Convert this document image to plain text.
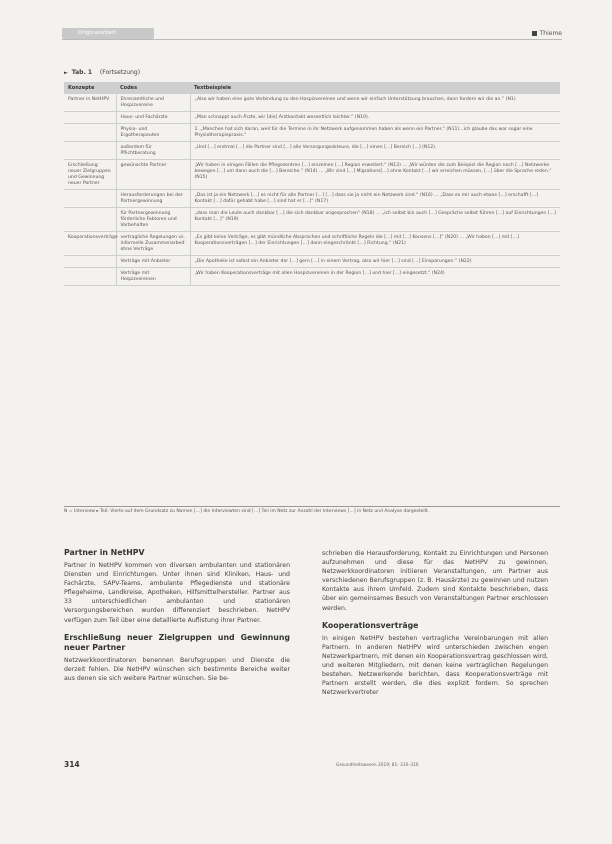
Originalarbeit	Thieme
► Tab. 1 (Fortsetzung)
Konzepte	Codes	Textbeispiele
Partner in NetHPV	Ehrenamtliche und Hospizvereine	„Also wir haben eine gute Verbindung zu den Hospizvereinen und wenn wir einfach Unterstützung brauchen, dann fordern wir die an.“ (N1)
	Haus- und Fachärzte	„Man schnappt auch Ärzte, wir [die] Arztkontakt wesentlich leichter.“ (N10).
	Physio- und Ergotherapeuten	1. „Manchen hat sich daran, weil für die Termine in ihr Netzwerk aufgenommen haben als wenn ein Partner.“ (N11)...ich glaube das war sogar eine Physiotherapiepraxis.“
	außerdem für Pflichtberatung	„Und […] erstmal […] die Partner sind […] alle Versorgungsakteure, die […] einen […] Bereich […] (N12).
Erschließung neuer Zielgruppen und Gewinnung neuer Partner	gewünschte Partner	„Wir haben in einigen Fällen die Pflegezentren […] einzelnen […] Region erweitert.“ (N13) … „Wir würden die zum Beispiel die Region noch […] Netzwerke bewegen […] um dann auch die […] Bereiche.“ (N14) … „Wir sind […] Migrations[…] ohne Kontakt […] wir erreichen müssen, […] über die Sprache reden.“ (N15)
	Herausforderungen bei der Partnergewinnung	„Das ist ja ein Netzwerk […] es nicht für alle Partner […] […] dass sie ja nicht ein Netzwerk sind.“ (N16) … „Dass es mir auch etwas […] erschafft […] Kontakt […] dafür gehabt habe […] sind hat er […]“ (N17)
	für Partnergewinnung förderliche Faktoren und Vorbehalten	„dass man die Leute auch dankbar […] die sich dankbar angesprochen“ (N18) … „ich selbst bin auch […] Gespräche selbst führen […] auf Einrichtungen […] Kontakt […]“ (N19)
Kooperationsverträge	vertragliche Regelungen vs. informelle Zusammenarbeit ohne Verträge	„Es gibt keine Verträge, es gibt mündliche Absprachen und schriftliche Regeln die […] mit […] Konsens […]“ (N20) … „Wir haben […] mit […] Kooperationsverträgen […] der Einrichtungen […] dann eingeschränkt […] Richtung.“ (N21)
	Verträge mit Anbieter	„Die Apotheke ist selbst ein Anbieter der […] gern […] in einem Vertrag, also wir hier […] sind […] Einsparungen.“ (N22)
	Verträge mit Hospizvereinen	„Wir haben Kooperationsverträge mit allen Hospizvereinen in der Region […] und hier […] eingesetzt.“ (N24)
N = Interview ▸ Teil: Vierte auf dem Grundsatz zu Namen […] die Interviewten sind […] Teil im Netz zur Anzahl der Interviews […] in Netz und Analyse dargestellt.
Partner in NetHPV

Partner in NetHPV kommen von diversen ambulanten und stationären Diensten und Einrichtungen. Unter ihnen sind Kliniken, Haus- und Fachärzte, SAPV-Teams, ambulante Pflegedienste und stationäre Pflegeheime, Landkreise, Apotheken, Hilfsmittelhersteller. Partner aus 33 unterschiedlichen ambulanten und stationären Versorgungsbereichen wurden differenziert beschrieben. NetHPV verfügen zum Teil über eine detaillierte Auflistung ihrer Partner.

Erschließung neuer Zielgruppen und Gewinnung neuer Partner

Netzwerkkoordinatoren benennen Berufsgruppen und Dienste die derzeit fehlen. Die NetHPV wünschen sich bestimmte Bereiche weiter aus denen sie sich weitere Partner wünschen. Sie be-

schrieben die Herausforderung, Kontakt zu Einrichtungen und Personen aufzunehmen und diese für das NetHPV zu gewinnen. Netzwerkkoordinatoren initiieren Veranstaltungen, um Partner aus verschiedenen Berufsgruppen (z. B. Hausärzte) zu gewinnen und nutzen Kontakte aus ihrem Umfeld. Zudem sind Kontakte beschrieben, dass über ein gemeinsames Besuch von Veranstaltungen Partner erschlossen werden.

Kooperationsverträge

In einigen NetHPV bestehen vertragliche Vereinbarungen mit allen Partnern. In anderen NetHPV wird unterschieden zwischen engen Netzwerkpartnern, mit denen ein Kooperationsvertrag geschlossen wird, und weiteren Mitgliedern, mit denen keine vertraglichen Regelungen bestehen. Netzwerkende berichten, dass Kooperationsverträge mit Partnern erstellt werden, die dies explizit fordern. So sprechen Netzwerkvertreter

314	Gesundheitswesen 2019; 81: 310–316
